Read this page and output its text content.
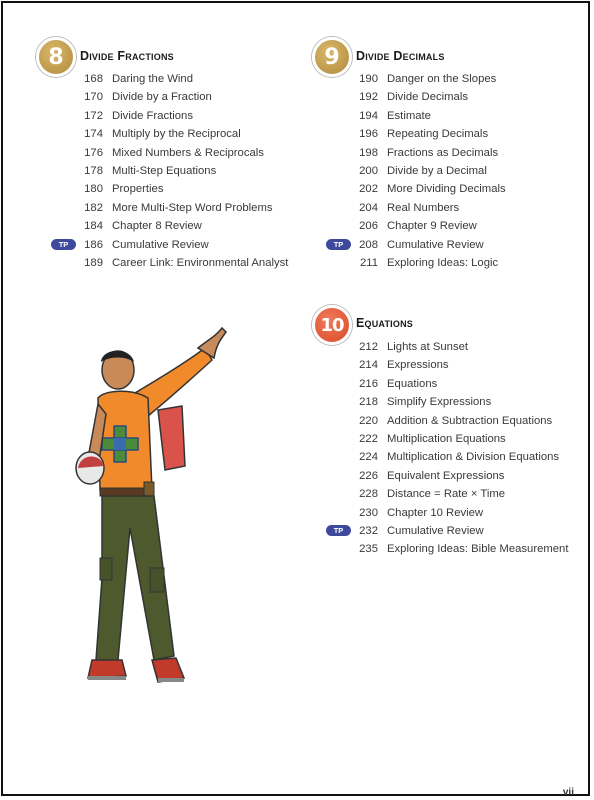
8	Divide Fractions
168 Daring the Wind
170 Divide by a Fraction
172 Divide Fractions
174 Multiply by the Reciprocal
176 Mixed Numbers & Reciprocals
178 Multi-Step Equations
180 Properties
182 More Multi-Step Word Problems
184 Chapter 8 Review
TP	186 Cumulative Review
189 Career Link: Environmental Analyst
9	Divide Decimals
190 Danger on the Slopes
192 Divide Decimals
194 Estimate
196 Repeating Decimals
198 Fractions as Decimals
200 Divide by a Decimal
202 More Dividing Decimals
204 Real Numbers
206 Chapter 9 Review
TP	208 Cumulative Review
211 Exploring Ideas: Logic
10 Equations
212 Lights at Sunset
214 Expressions
216 Equations
218 Simplify Expressions
220 Addition & Subtraction Equations
222 Multiplication Equations
224 Multiplication & Division Equations
226 Equivalent Expressions
228 Distance = Rate × Time
230 Chapter 10 Review
TP	232 Cumulative Review
235 Exploring Ideas: Bible Measurement
vii
